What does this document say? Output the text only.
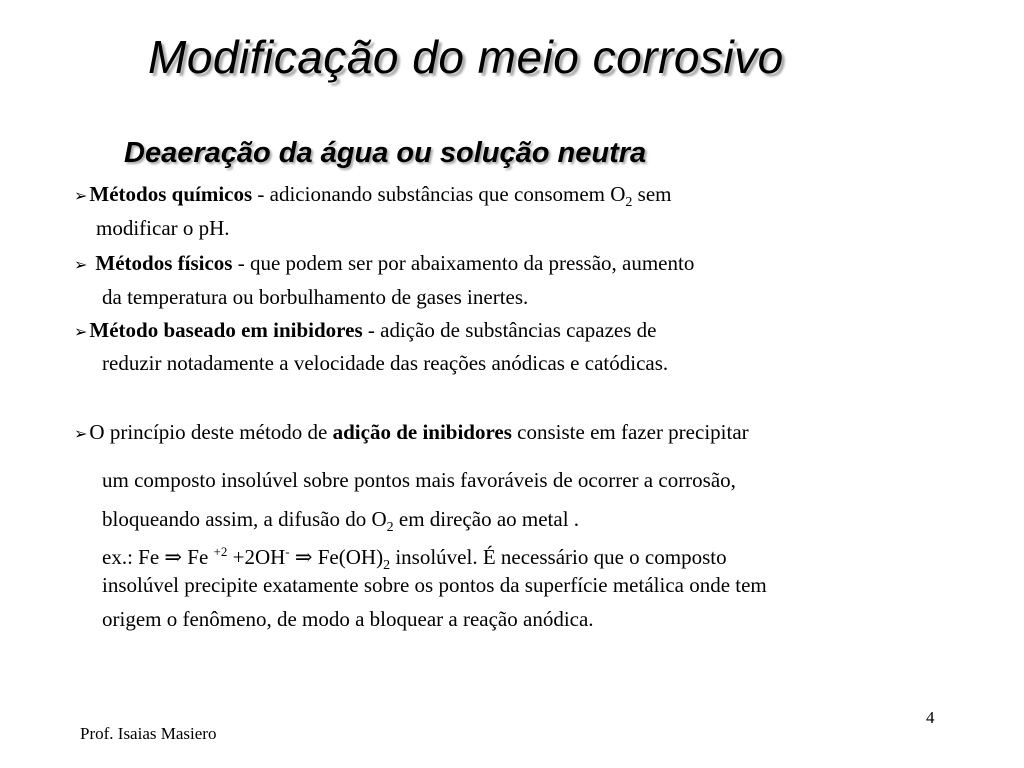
Modificação do meio corrosivo
Deaeração da água ou solução neutra
➢Métodos químicos - adicionando substâncias que consomem $O_2$ sem
modificar o pH.
➢ Métodos físicos - que podem ser por abaixamento da pressão, aumento
da temperatura ou borbulhamento de gases inertes.
➢Método baseado em inibidores - adição de substâncias capazes de
reduzir notadamente a velocidade das reações anódicas e catódicas.
➢O princípio deste método de adição de inibidores consiste em fazer precipitar
um composto insolúvel sobre pontos mais favoráveis de ocorrer a corrosão,
bloqueando assim, a difusão do $O_2$ em direção ao metal .
ex.: Fe ⇒ Fe $^{+2}$ +2OH- ⇒ $Fe(OH)_2$ insolúvel. É necessário que o composto
insolúvel precipite exatamente sobre os pontos da superfície metálica onde tem
origem o fenômeno, de modo a bloquear a reação anódica.
4
Prof. Isaias Masiero
